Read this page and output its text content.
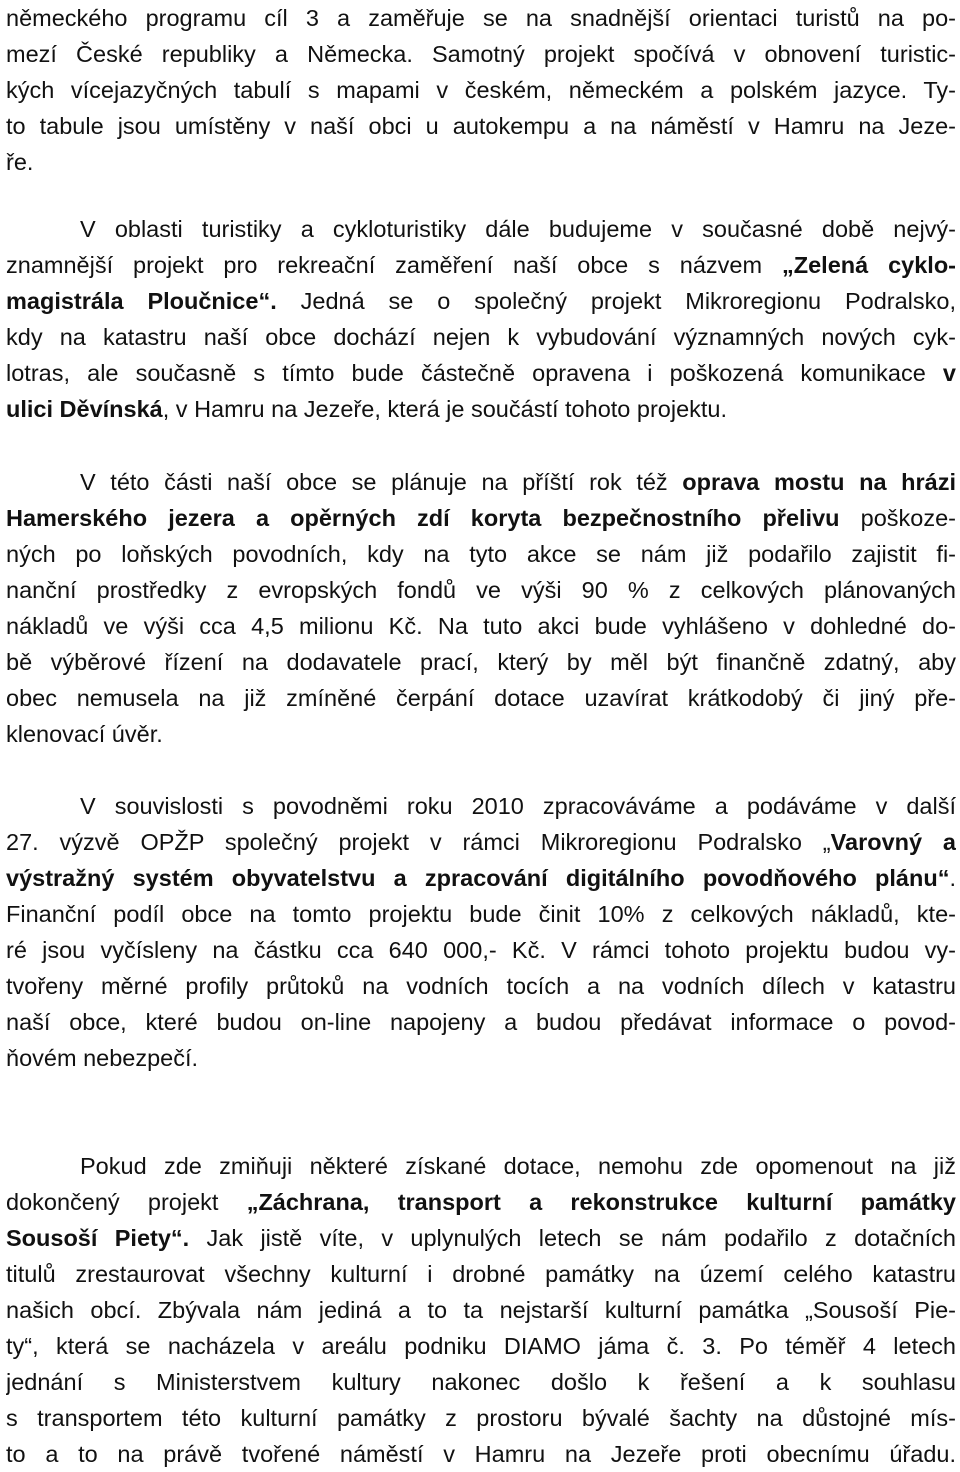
německého programu cíl 3 a zaměřuje se na snadnější orientaci turistů na po-
mezí České republiky a Německa. Samotný projekt spočívá v obnovení turistic-
kých vícejazyčných tabulí s mapami v českém, německém a polském jazyce. Ty-
to tabule jsou umístěny v naší obci u autokempu a na náměstí v Hamru na Jeze-
ře.
V oblasti turistiky a cykloturistiky dále budujeme v současné době nejvý-
znamnější projekt pro rekreační zaměření naší obce s názvem „Zelená cyklo-
magistrála Ploučnice“. Jedná se o společný projekt Mikroregionu Podralsko,
kdy na katastru naší obce dochází nejen k vybudování významných nových cyk-
lotras, ale současně s tímto bude částečně opravena i poškozená komunikace v
ulici Děvínská, v Hamru na Jezeře, která je součástí tohoto projektu.
V této části naší obce se plánuje na příští rok též oprava mostu na hrázi
Hamerského jezera a opěrných zdí koryta bezpečnostního přelivu poškoze-
ných po loňských povodních, kdy na tyto akce se nám již podařilo zajistit fi-
nanční prostředky z evropských fondů ve výši 90 % z celkových plánovaných
nákladů ve výši cca 4,5 milionu Kč. Na tuto akci bude vyhlášeno v dohledné do-
bě výběrové řízení na dodavatele prací, který by měl být finančně zdatný, aby
obec nemusela na již zmíněné čerpání dotace uzavírat krátkodobý či jiný pře-
klenovací úvěr.
V souvislosti s povodněmi roku 2010 zpracováváme a podáváme v další
27. výzvě OPŽP společný projekt v rámci Mikroregionu Podralsko „Varovný a
výstražný systém obyvatelstvu a zpracování digitálního povodňového plánu“.
Finanční podíl obce na tomto projektu bude činit 10% z celkových nákladů, kte-
ré jsou vyčísleny na částku cca 640 000,- Kč. V rámci tohoto projektu budou vy-
tvořeny měrné profily průtoků na vodních tocích a na vodních dílech v katastru
naší obce, které budou on-line napojeny a budou předávat informace o povod-
ňovém nebezpečí.
Pokud zde zmiňuji některé získané dotace, nemohu zde opomenout na již
dokončený projekt „Záchrana, transport a rekonstrukce kulturní památky
Sousoší Piety“. Jak jistě víte, v uplynulých letech se nám podařilo z dotačních
titulů zrestaurovat všechny kulturní i drobné památky na území celého katastru
našich obcí. Zbývala nám jediná a to ta nejstarší kulturní památka „Sousoší Pie-
ty“, která se nacházela v areálu podniku DIAMO jáma č. 3. Po téměř 4 letech
jednání s Ministerstvem kultury nakonec došlo k řešení a k souhlasu
s transportem této kulturní památky z prostoru bývalé šachty na důstojné mís-
to a to na právě tvořené náměstí v Hamru na Jezeře proti obecnímu úřadu.
